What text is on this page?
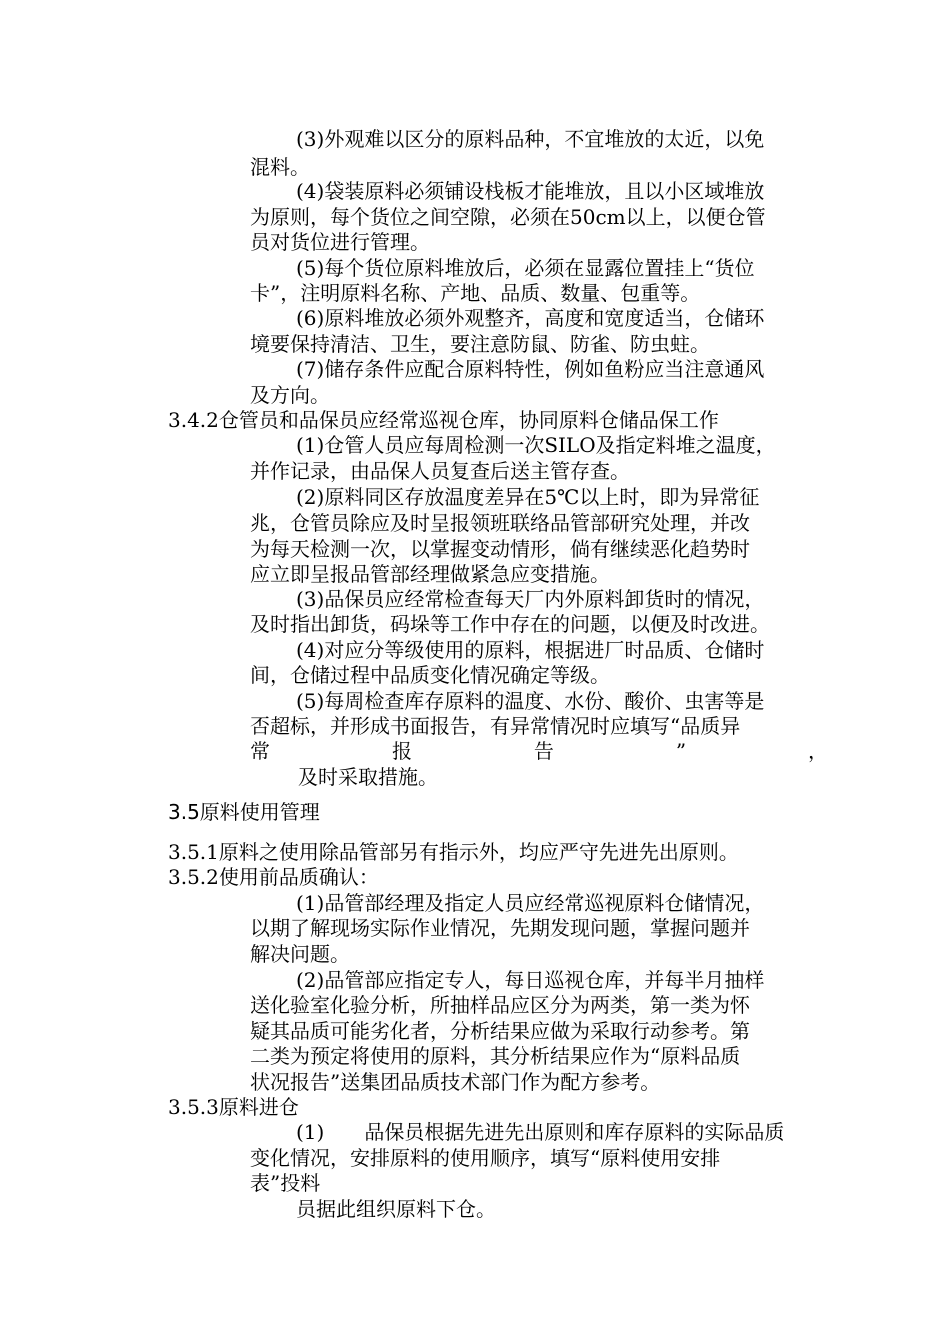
(3)外观难以区分的原料品种，不宜堆放的太近，以免
混料。
(4)袋装原料必须铺设栈板才能堆放，且以小区域堆放
为原则，每个货位之间空隙，必须在50cm以上，以便仓管
员对货位进行管理。
(5)每个货位原料堆放后，必须在显露位置挂上“货位
卡”，注明原料名称、产地、品质、数量、包重等。
(6)原料堆放必须外观整齐，高度和宽度适当，仓储环
境要保持清洁、卫生，要注意防鼠、防雀、防虫蛀。
(7)储存条件应配合原料特性，例如鱼粉应当注意通风
及方向。
3.4.2仓管员和品保员应经常巡视仓库，协同原料仓储品保工作
(1)仓管人员应每周检测一次SILO及指定料堆之温度，
并作记录，由品保人员复查后送主管存查。
(2)原料同区存放温度差异在5℃以上时，即为异常征
兆，仓管员除应及时呈报领班联络品管部研究处理，并改
为每天检测一次，以掌握变动情形，倘有继续恶化趋势时
应立即呈报品管部经理做紧急应变措施。
(3)品保员应经常检查每天厂内外原料卸货时的情况，
及时指出卸货，码垛等工作中存在的问题，以便及时改进。
(4)对应分等级使用的原料，根据进厂时品质、仓储时
间，仓储过程中品质变化情况确定等级。
(5)每周检查库存原料的温度、水份、酸价、虫害等是
否超标，并形成书面报告，有异常情况时应填写“品质异
常	报	告	”	，
及时采取措施。
3.5原料使用管理
3.5.1原料之使用除品管部另有指示外，均应严守先进先出原则。
3.5.2使用前品质确认：
(1)品管部经理及指定人员应经常巡视原料仓储情况，
以期了解现场实际作业情况，先期发现问题，掌握问题并
解决问题。
(2)品管部应指定专人，每日巡视仓库，并每半月抽样
送化验室化验分析，所抽样品应区分为两类，第一类为怀
疑其品质可能劣化者，分析结果应做为采取行动参考。第
二类为预定将使用的原料，其分析结果应作为“原料品质
状况报告”送集团品质技术部门作为配方参考。
3.5.3原料进仓
(1)　　品保员根据先进先出原则和库存原料的实际品质
变化情况，安排原料的使用顺序，填写“原料使用安排
表”投料
员据此组织原料下仓。
